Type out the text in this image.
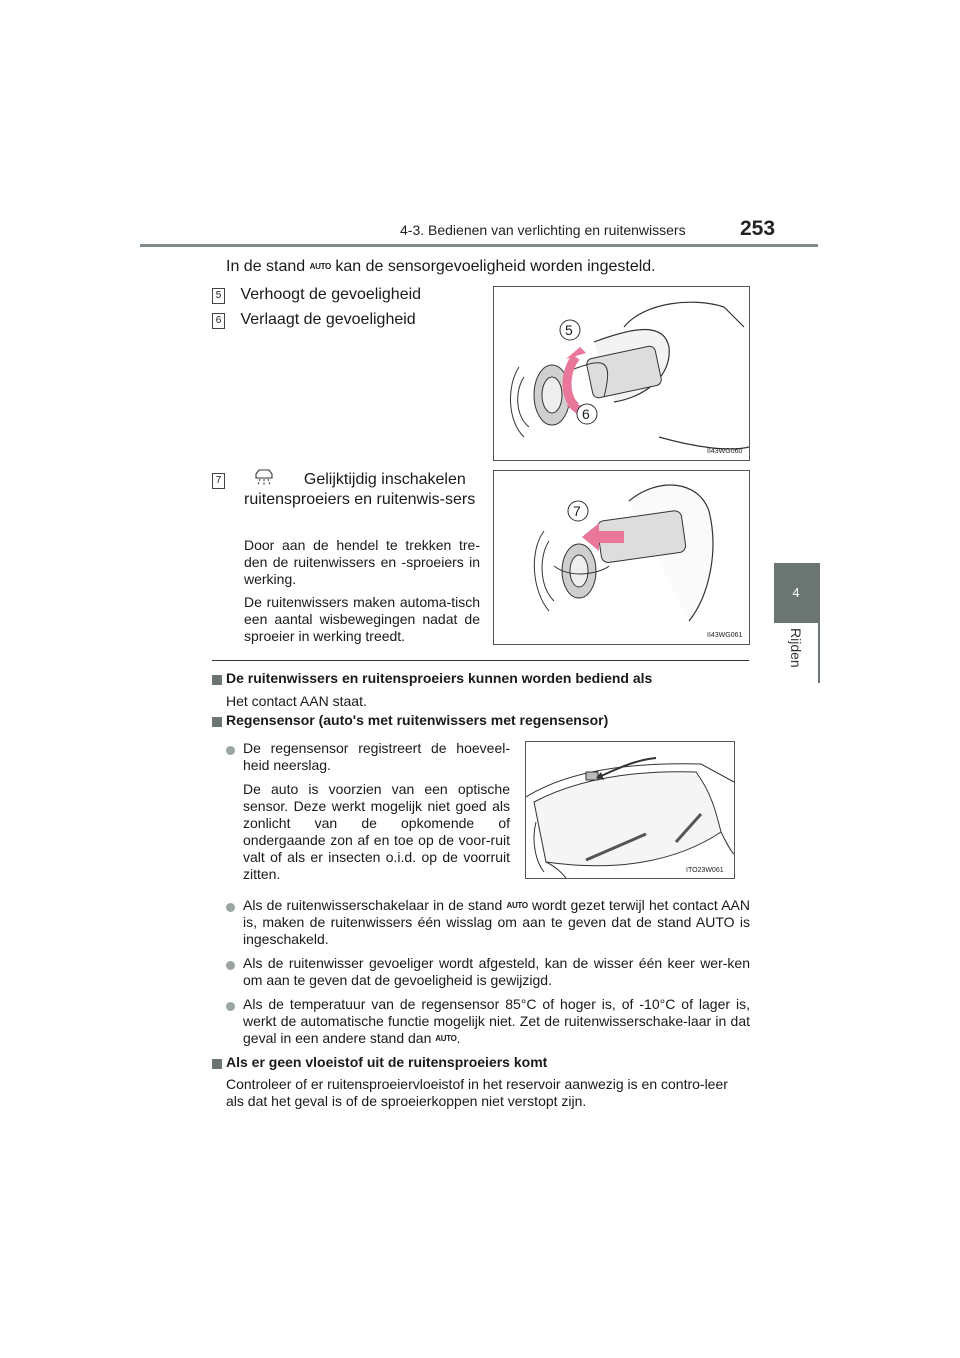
4-3. Bedienen van verlichting en ruitenwissers	253
4
Rijden
In de stand AUTO kan de sensorgevoeligheid worden ingesteld.
5 Verhoogt de gevoeligheid
6 Verlaagt de gevoeligheid
5
6
II43WG060
7	Gelijktijdig inschakelen
ruitensproeiers en ruitenwis-sers
Door aan de hendel te trekken tre-den de ruitenwissers en -sproeiers in werking.
De ruitenwissers maken automa-tisch een aantal wisbewegingen nadat de sproeier in werking treedt.
7
II43WG061
De ruitenwissers en ruitensproeiers kunnen worden bediend als
Het contact AAN staat.
Regensensor (auto's met ruitenwissers met regensensor)
De regensensor registreert de hoeveel-heid neerslag.
De auto is voorzien van een optische sensor. Deze werkt mogelijk niet goed als zonlicht van de opkomende of ondergaande zon af en toe op de voor-ruit valt of als er insecten o.i.d. op de voorruit zitten.	ITO23W061
Als de ruitenwisserschakelaar in de stand AUTO wordt gezet terwijl het contact AAN is, maken de ruitenwissers één wisslag om aan te geven dat de stand AUTO is ingeschakeld.
Als de ruitenwisser gevoeliger wordt afgesteld, kan de wisser één keer wer-ken om aan te geven dat de gevoeligheid is gewijzigd.
Als de temperatuur van de regensensor 85°C of hoger is, of -10°C of lager is, werkt de automatische functie mogelijk niet. Zet de ruitenwisserschake-laar in dat geval in een andere stand dan AUTO.
Als er geen vloeistof uit de ruitensproeiers komt
Controleer of er ruitensproeiervloeistof in het reservoir aanwezig is en contro-leer als dat het geval is of de sproeierkoppen niet verstopt zijn.
